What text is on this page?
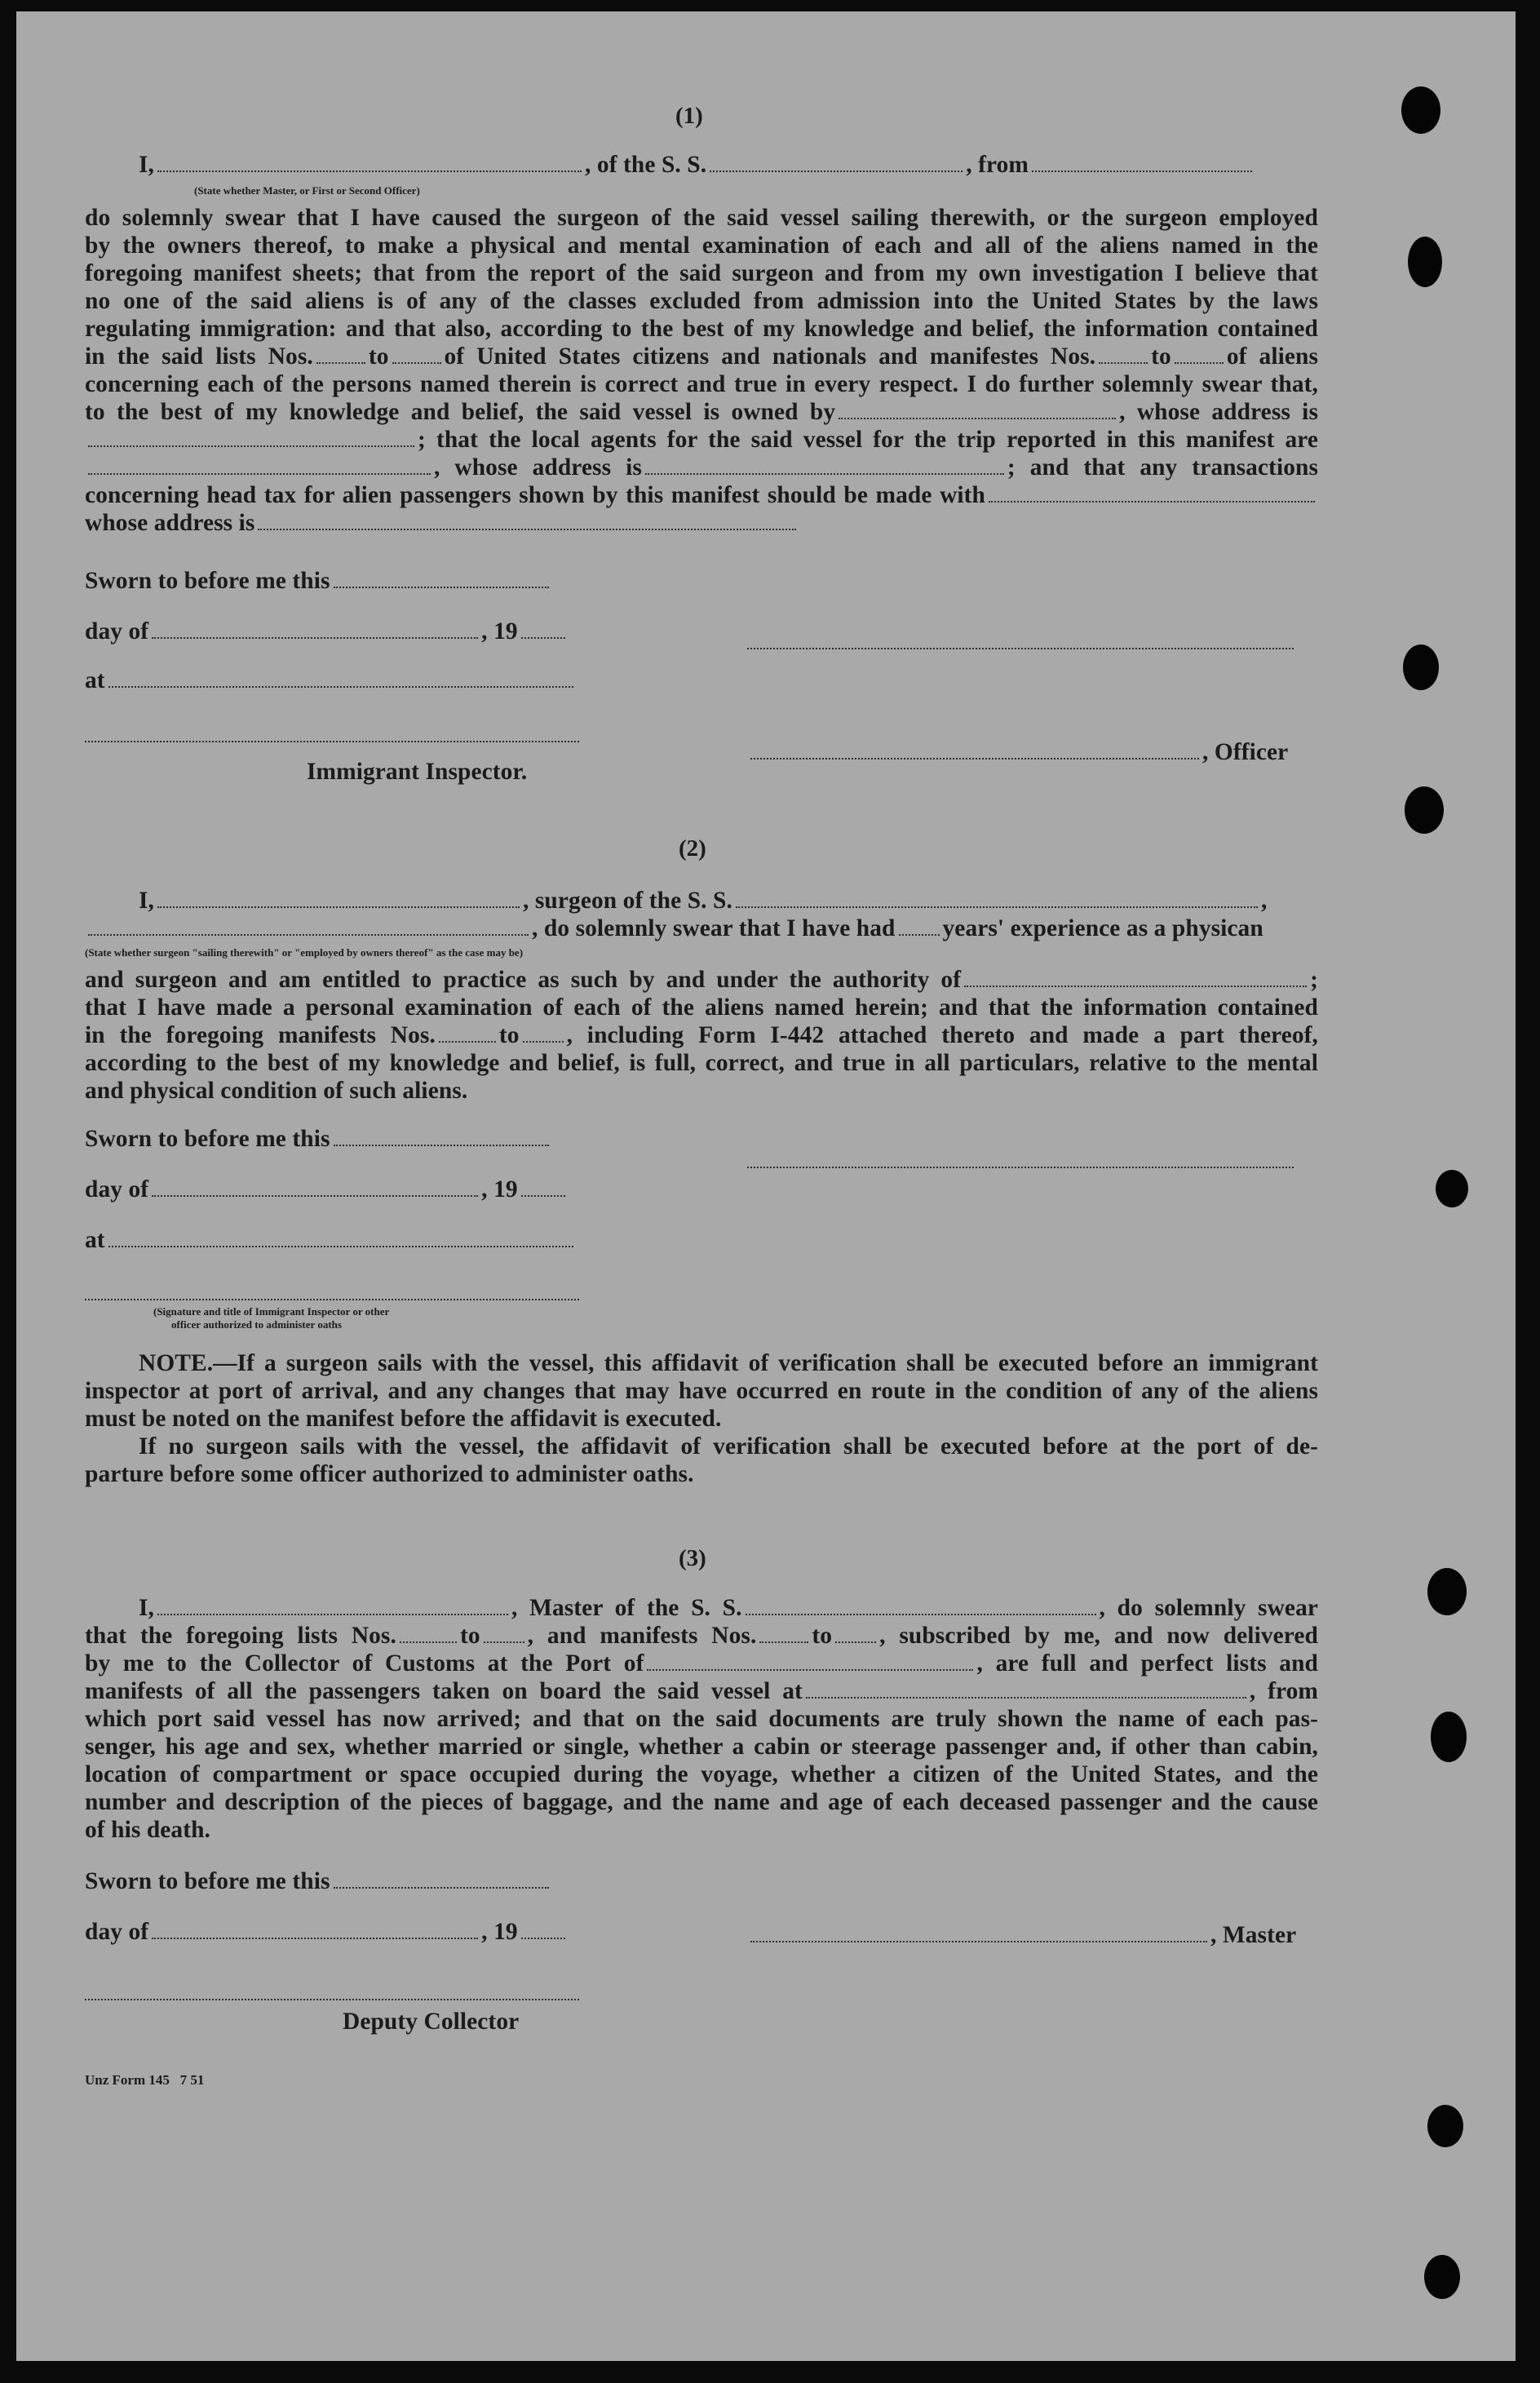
(1)
I,	, of the S. S.	, from
(State whether Master, or First or Second Officer)
do solemnly swear that I have caused the surgeon of the said vessel sailing therewith, or the surgeon employed
by the owners thereof, to make a physical and mental examination of each and all of the aliens named in the
foregoing manifest sheets; that from the report of the said surgeon and from my own investigation I believe that
no one of the said aliens is of any of the classes excluded from admission into the United States by the laws
regulating immigration: and that also, according to the best of my knowledge and belief, the information contained
in the said lists Nos. to of United States citizens and nationals and manifestes Nos. to of aliens
concerning each of the persons named therein is correct and true in every respect. I do further solemnly swear that,
to the best of my knowledge and belief, the said vessel is owned by	, whose address is
; that the local agents for the said vessel for the trip reported in this manifest are
, whose address is	; and that any transactions
concerning head tax for alien passengers shown by this manifest should be made with
whose address is
Sworn to before me this
day of	, 19
at
, Officer
Immigrant Inspector.
(2)
I,	, surgeon of the S. S.	,
, do solemnly swear that I have had years' experience as a physican
(State whether surgeon "sailing therewith" or "employed by owners thereof" as the case may be)
and surgeon and am entitled to practice as such by and under the authority of	;
that I have made a personal examination of each of the aliens named herein; and that the information contained
in the foregoing manifests Nos.	to , including Form I-442 attached thereto and made a part thereof,
according to the best of my knowledge and belief, is full, correct, and true in all particulars, relative to the mental
and physical condition of such aliens.
Sworn to before me this
day of	, 19
at
(Signature and title of Immigrant Inspector or other
officer authorized to administer oaths
NOTE.—If a surgeon sails with the vessel, this affidavit of verification shall be executed before an immigrant
inspector at port of arrival, and any changes that may have occurred en route in the condition of any of the aliens
must be noted on the manifest before the affidavit is executed.
If no surgeon sails with the vessel, the affidavit of verification shall be executed before at the port of de-
parture before some officer authorized to administer oaths.
(3)
I,	, Master of the S. S.	, do solemnly swear
that the foregoing lists Nos.	to , and manifests Nos. to , subscribed by me, and now delivered
by me to the Collector of Customs at the Port of	, are full and perfect lists and
manifests of all the passengers taken on board the said vessel at	, from
which port said vessel has now arrived; and that on the said documents are truly shown the name of each pas-
senger, his age and sex, whether married or single, whether a cabin or steerage passenger and, if other than cabin,
location of compartment or space occupied during the voyage, whether a citizen of the United States, and the
number and description of the pieces of baggage, and the name and age of each deceased passenger and the cause
of his death.
Sworn to before me this
day of	, 19	, Master
Deputy Collector
Unz Form 145   7 51
